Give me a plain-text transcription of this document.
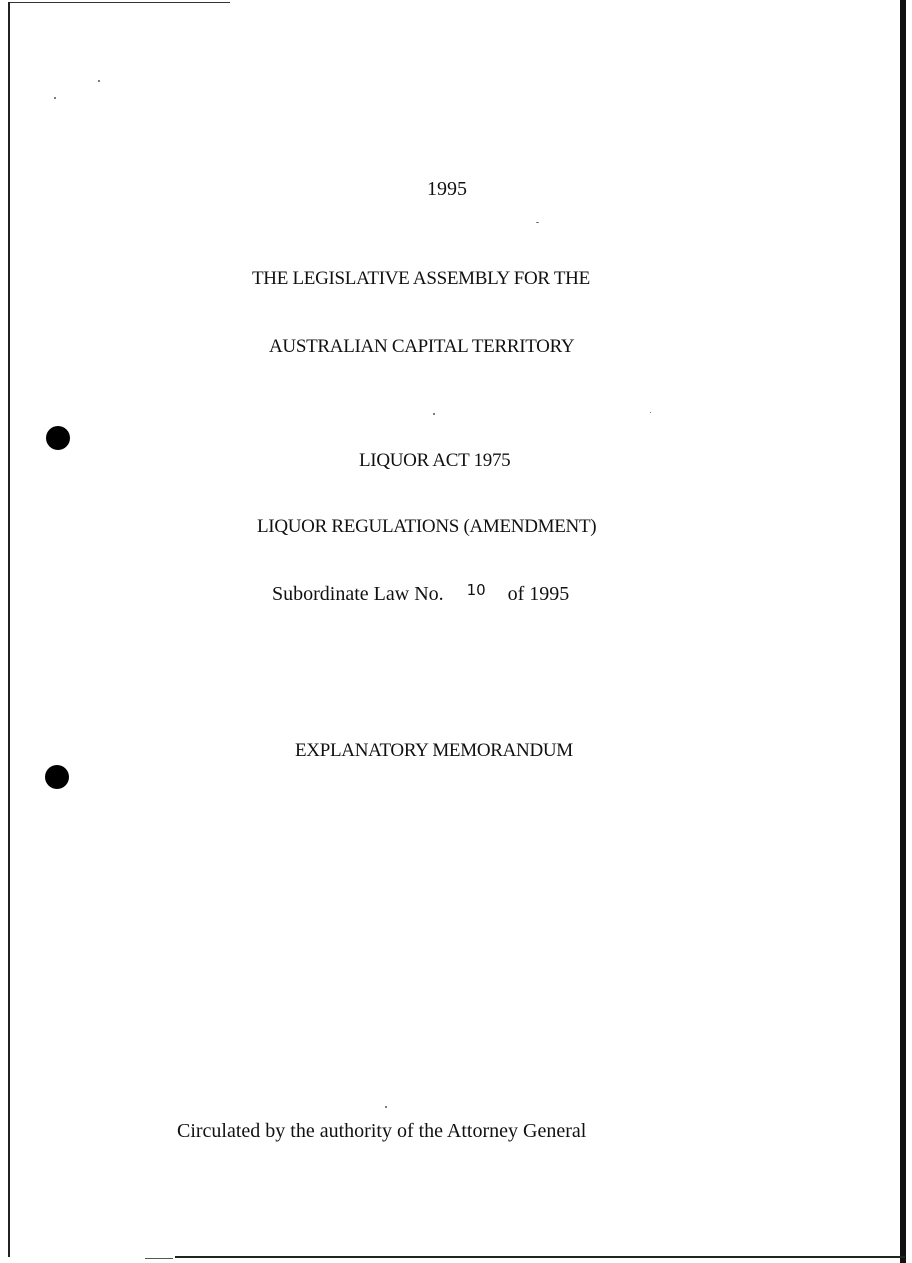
1995
THE LEGISLATIVE ASSEMBLY FOR THE
AUSTRALIAN CAPITAL TERRITORY
LIQUOR ACT 1975
LIQUOR REGULATIONS (AMENDMENT)
Subordinate Law No. 10 of 1995
EXPLANATORY MEMORANDUM
Circulated by the authority of the Attorney General
